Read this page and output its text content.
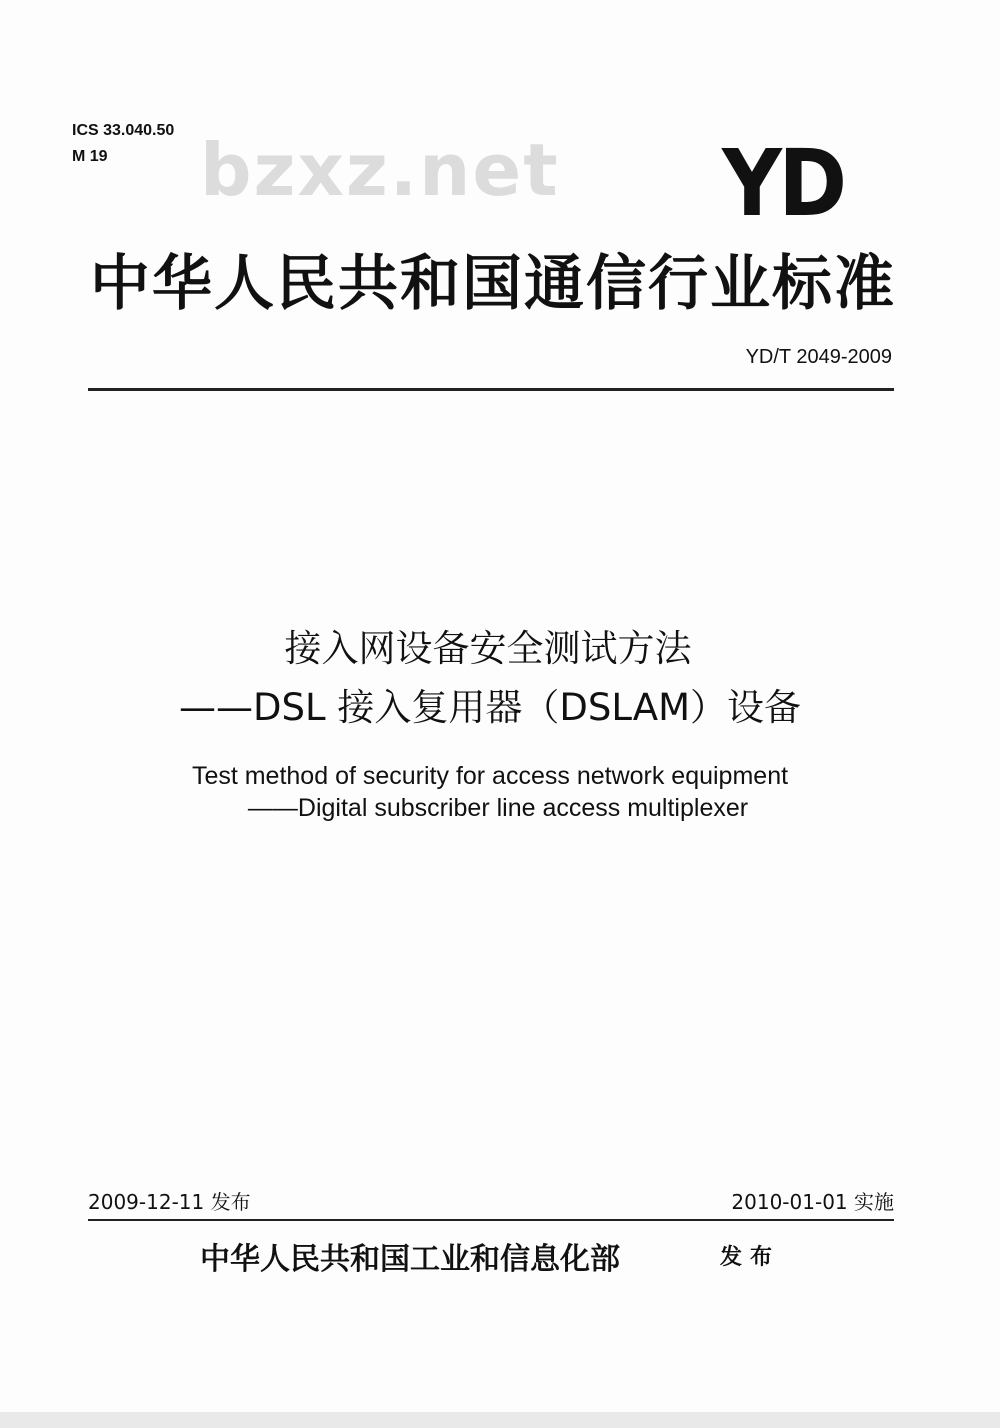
ICS 33.040.50
M 19	bzxz.net YD
中华人民共和国通信行业标准
YD/T 2049-2009
接入网设备安全测试方法
——DSL 接入复用器（DSLAM）设备
Test method of security for access network equipment
——Digital subscriber line access multiplexer
2009-12-11 发布	2010-01-01 实施
中华人民共和国工业和信息化部	发布
